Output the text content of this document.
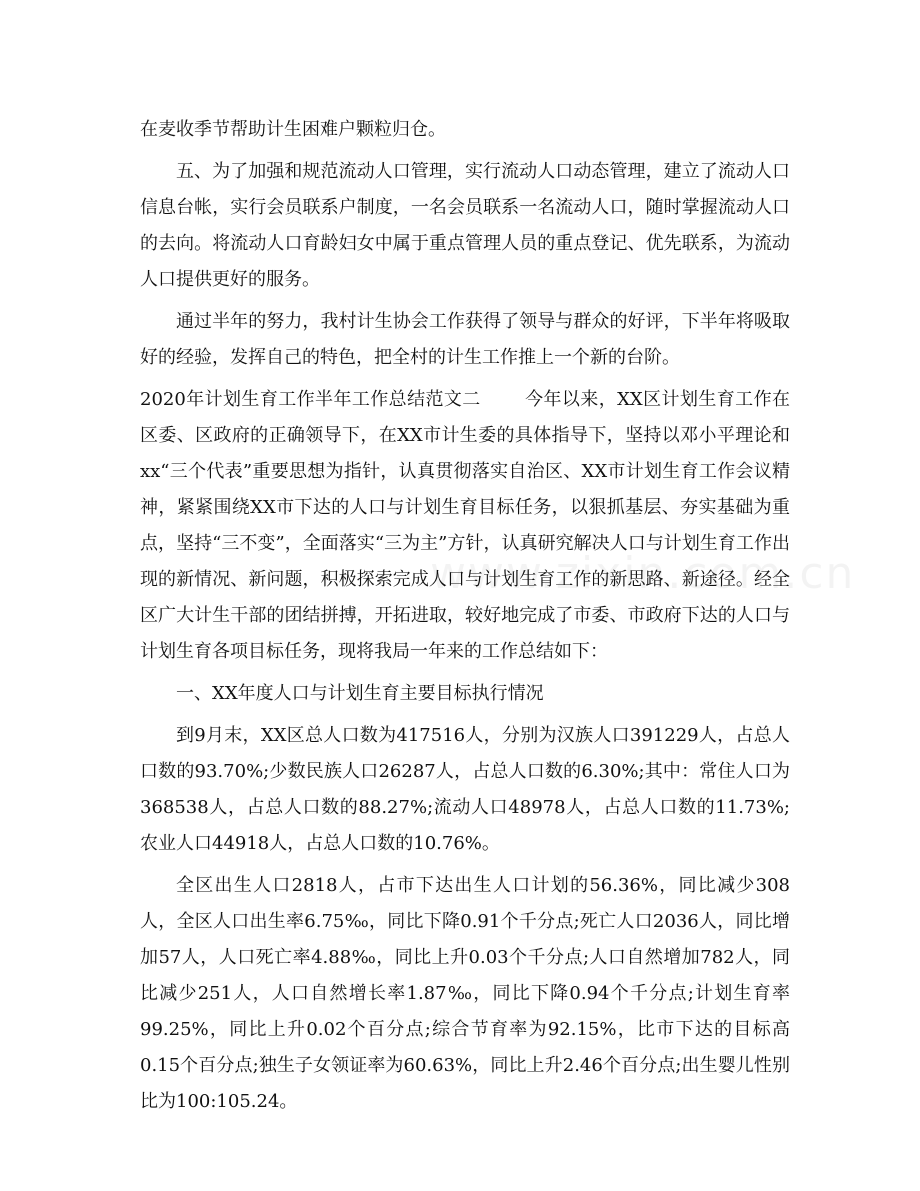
在麦收季节帮助计生困难户颗粒归仓。

五、为了加强和规范流动人口管理，实行流动人口动态管理，建立了流动人口信息台帐，实行会员联系户制度，一名会员联系一名流动人口，随时掌握流动人口的去向。将流动人口育龄妇女中属于重点管理人员的重点登记、优先联系，为流动人口提供更好的服务。

通过半年的努力，我村计生协会工作获得了领导与群众的好评，下半年将吸取好的经验，发挥自己的特色，把全村的计生工作推上一个新的台阶。

2020年计划生育工作半年工作总结范文二 今年以来，XX区计划生育工作在区委、区政府的正确领导下，在XX市计生委的具体指导下，坚持以邓小平理论和xx“三个代表”重要思想为指针，认真贯彻落实自治区、XX市计划生育工作会议精神，紧紧围绕XX市下达的人口与计划生育目标任务，以狠抓基层、夯实基础为重点，坚持“三不变”，全面落实“三为主”方针，认真研究解决人口与计划生育工作出现的新情况、新问题，积极探索完成人口与计划生育工作的新思路、新途径。经全区广大计生干部的团结拼搏，开拓进取，较好地完成了市委、市政府下达的人口与计划生育各项目标任务，现将我局一年来的工作总结如下：

一、XX年度人口与计划生育主要目标执行情况

到9月末，XX区总人口数为417516人，分别为汉族人口391229人，占总人口数的93.70%;少数民族人口26287人，占总人口数的6.30%;其中：常住人口为368538人，占总人口数的88.27%;流动人口48978人，占总人口数的11.73%;农业人口44918人，占总人口数的10.76%。

全区出生人口2818人，占市下达出生人口计划的56.36%，同比减少308人，全区人口出生率6.75‰，同比下降0.91个千分点;死亡人口2036人，同比增加57人，人口死亡率4.88‰，同比上升0.03个千分点;人口自然增加782人，同比减少251人，人口自然增长率1.87‰，同比下降0.94个千分点;计划生育率99.25%，同比上升0.02个百分点;综合节育率为92.15%，比市下达的目标高0.15个百分点;独生子女领证率为60.63%，同比上升2.46个百分点;出生婴儿性别比为100:105.24。
